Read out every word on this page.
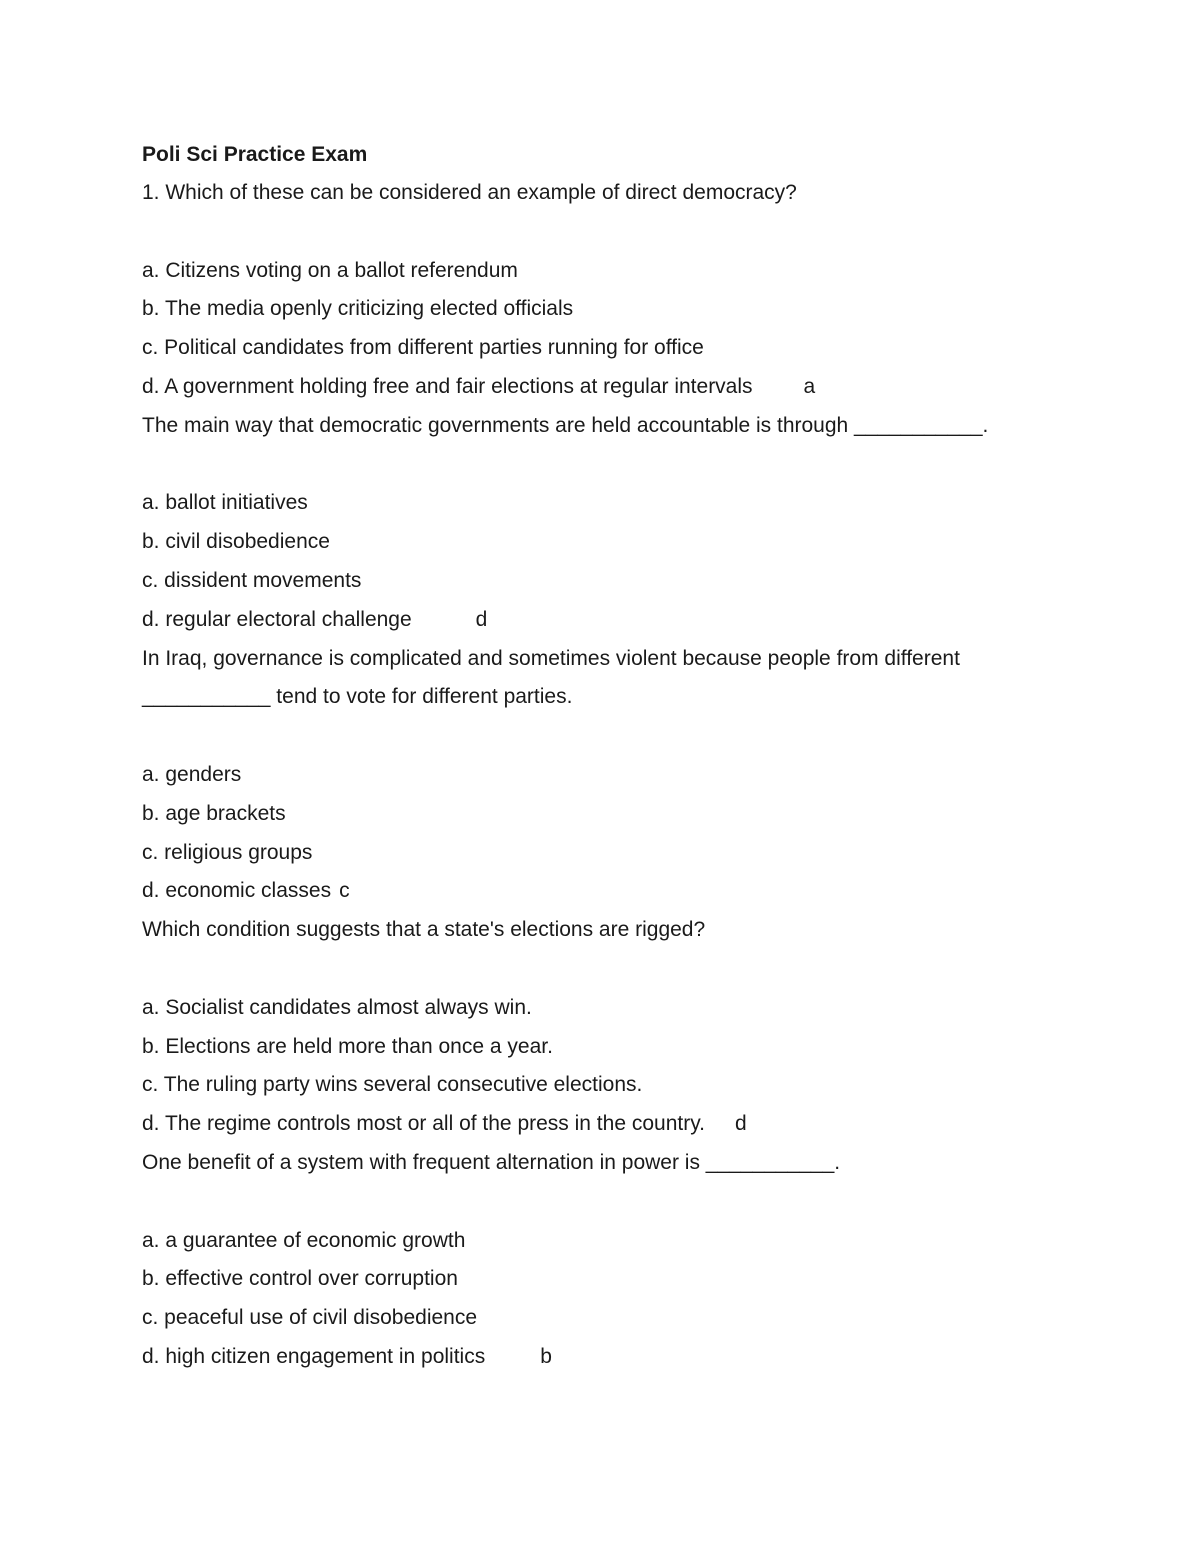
Poli Sci Practice Exam
1. Which of these can be considered an example of direct democracy?
a. Citizens voting on a ballot referendum
b. The media openly criticizing elected officials
c. Political candidates from different parties running for office
d. A government holding free and fair elections at regular intervals a
The main way that democratic governments are held accountable is through ___________.
a. ballot initiatives
b. civil disobedience
c. dissident movements
d. regular electoral challenge	d
In Iraq, governance is complicated and sometimes violent because people from different
___________ tend to vote for different parties.
a. genders
b. age brackets
c. religious groups
d. economic classes c
Which condition suggests that a state's elections are rigged?
a. Socialist candidates almost always win.
b. Elections are held more than once a year.
c. The ruling party wins several consecutive elections.
d. The regime controls most or all of the press in the country. d
One benefit of a system with frequent alternation in power is ___________.
a. a guarantee of economic growth
b. effective control over corruption
c. peaceful use of civil disobedience
d. high citizen engagement in politics	b
